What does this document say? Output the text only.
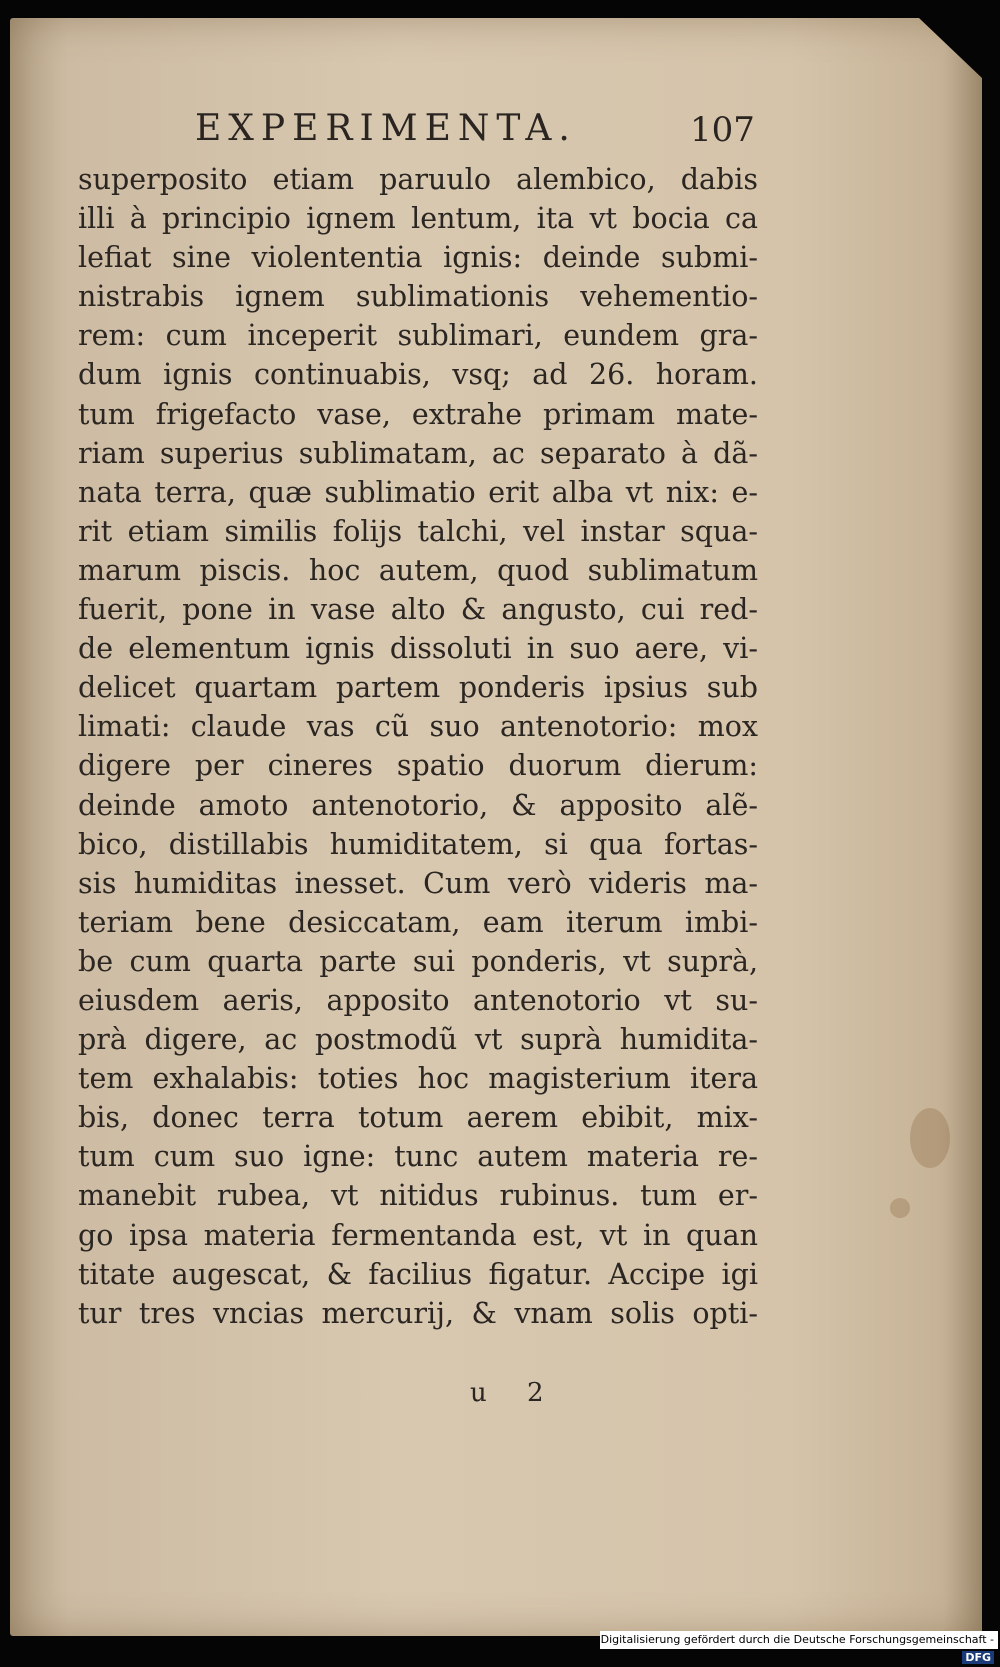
EXPERIMENTA.	107
superposito etiam paruulo alembico, dabis
illi à principio ignem lentum, ita vt bocia ca
lefiat sine violententia ignis: deinde submi-
nistrabis ignem sublimationis vehementio-
rem: cum inceperit sublimari, eundem gra-
dum ignis continuabis, vsq; ad 26. horam.
tum frigefacto vase, extrahe primam mate-
riam superius sublimatam, ac separato à dã-
nata terra, quæ sublimatio erit alba vt nix: e-
rit etiam similis folijs talchi, vel instar squa-
marum piscis. hoc autem, quod sublimatum
fuerit, pone in vase alto & angusto, cui red-
de elementum ignis dissoluti in suo aere, vi-
delicet quartam partem ponderis ipsius sub
limati: claude vas cũ suo antenotorio: mox
digere per cineres spatio duorum dierum:
deinde amoto antenotorio, & apposito alẽ-
bico, distillabis humiditatem, si qua fortas-
sis humiditas inesset. Cum verò videris ma-
teriam bene desiccatam, eam iterum imbi-
be cum quarta parte sui ponderis, vt suprà,
eiusdem aeris, apposito antenotorio vt su-
prà digere, ac postmodũ vt suprà humidita-
tem exhalabis: toties hoc magisterium itera
bis, donec terra totum aerem ebibit, mix-
tum cum suo igne: tunc autem materia re-
manebit rubea, vt nitidus rubinus. tum er-
go ipsa materia fermentanda est, vt in quan
titate augescat, & facilius figatur. Accipe igi
tur tres vncias mercurij, & vnam solis opti-
u 2
Digitalisierung gefördert durch die Deutsche Forschungsgemeinschaft -DFG
